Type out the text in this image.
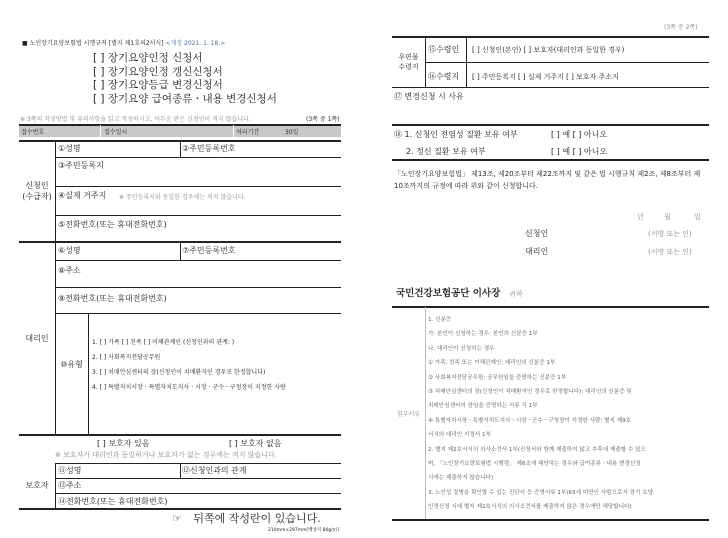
■ 노인장기요양보험법 시행규칙 [별지 제1호의2서식] <개정 2021. 1. 18.>
[ ] 장기요양인정 신청서
[ ] 장기요양인정 갱신신청서
[ ] 장기요양등급 변경신청서
[ ] 장기요양 급여종류ㆍ내용 변경신청서
※ 3쪽의 작성방법 및 유의사항을 읽고 작성하시고, 어두운 란은 신청인이 적지 않습니다.	(3쪽 중 1쪽)
접수번호	접수일시	처리기간	30일
신청인
(수급자)
①성명	②주민등록번호
③주민등록지
④실제 거주지 ※ 주민등록지와 동일한 경우에는 적지 않습니다.
⑤전화번호(또는 휴대전화번호)
대리인
⑥성명	⑦주민등록번호
⑧주소
⑨전화번호(또는 휴대전화번호)
⑩유형
1. [ ] 가족 [ ] 친족 [ ] 이해관계인 (신청인과의 관계: )
2. [ ] 사회복지전담공무원
3. [ ] 치매안심센터의 장(신청인이 치매환자인 경우로 한정합니다)
4. [ ] 특별자치시장ㆍ특별자치도지사ㆍ시장ㆍ군수ㆍ구청장이 지정한 사람
[ ] 보호자 있음	[ ] 보호자 없음
※ 보호자가 대리인과 동일하거나 보호자가 없는 경우에는 적지 않습니다.
보호자
⑪성명	⑫신청인과의 관계
⑬주소
⑭전화번호(또는 휴대전화번호)
☞ 뒤쪽에 작성란이 있습니다.
210mm×297mm[백상지 80g/㎡]
(3쪽 중 2쪽)
우편물
수령지
⑮수령인 [ ] 신청인(본인) [ ] 보호자(대리인과 동일한 경우)
⑯수령지 [ ] 주민등록지 [ ] 실제 거주지 [ ] 보호자 주소지
⑰ 변경신청 시 사유
⑱ 1. 신청인 전염성 질환 보유 여부	[ ] 예 [ ] 아니오
2. 정신 질환 보유 여부	[ ] 예 [ ] 아니오
「노인장기요양보험법」 제13조, 제20조부터 제22조까지 및 같은 법 시행규칙 제2조, 제8조부터 제10조까지의 규정에 따라 위와 같이 신청합니다.
년	월	일
신청인	(서명 또는 인)
대리인	(서명 또는 인)
국민건강보험공단 이사장 귀하
첨부서류
1. 신분증
가. 본인이 신청하는 경우: 본인의 신분증 1부
나. 대리인이 신청하는 경우
① 가족, 친족 또는 이해관계인: 대리인의 신분증 1부
② 사회복지전담공무원: 공무원임을 증명하는 신분증 1부
③ 치매안심센터의 장(신청인이 치매환자인 경우로 한정합니다): 대리인의 신분증 및
치매안심센터의 장임을 증명하는 서류 각 1부
④ 특별자치시장ㆍ특별자치도지사ㆍ시장ㆍ군수ㆍ구청장이 지정한 사람: 별지 제9호
서식의 대리인 지정서 1부
2. 별지 제2호서식의 의사소견서 1부(신청서와 함께 제출하지 않고 추후에 제출할 수 있으
며, 「노인장기요양보험법 시행령」 제6조에 해당하는 경우와 급여종류ㆍ내용 변경신청
시에는 제출하지 않습니다)
3. 노인성 질병을 확인할 수 있는 진단서 등 증명서류 1부(65세 미만인 사람으로서 장기 요양
인정신청 시에 별지 제2호서식의 의사소견서를 제출하지 않은 경우에만 해당합니다)
